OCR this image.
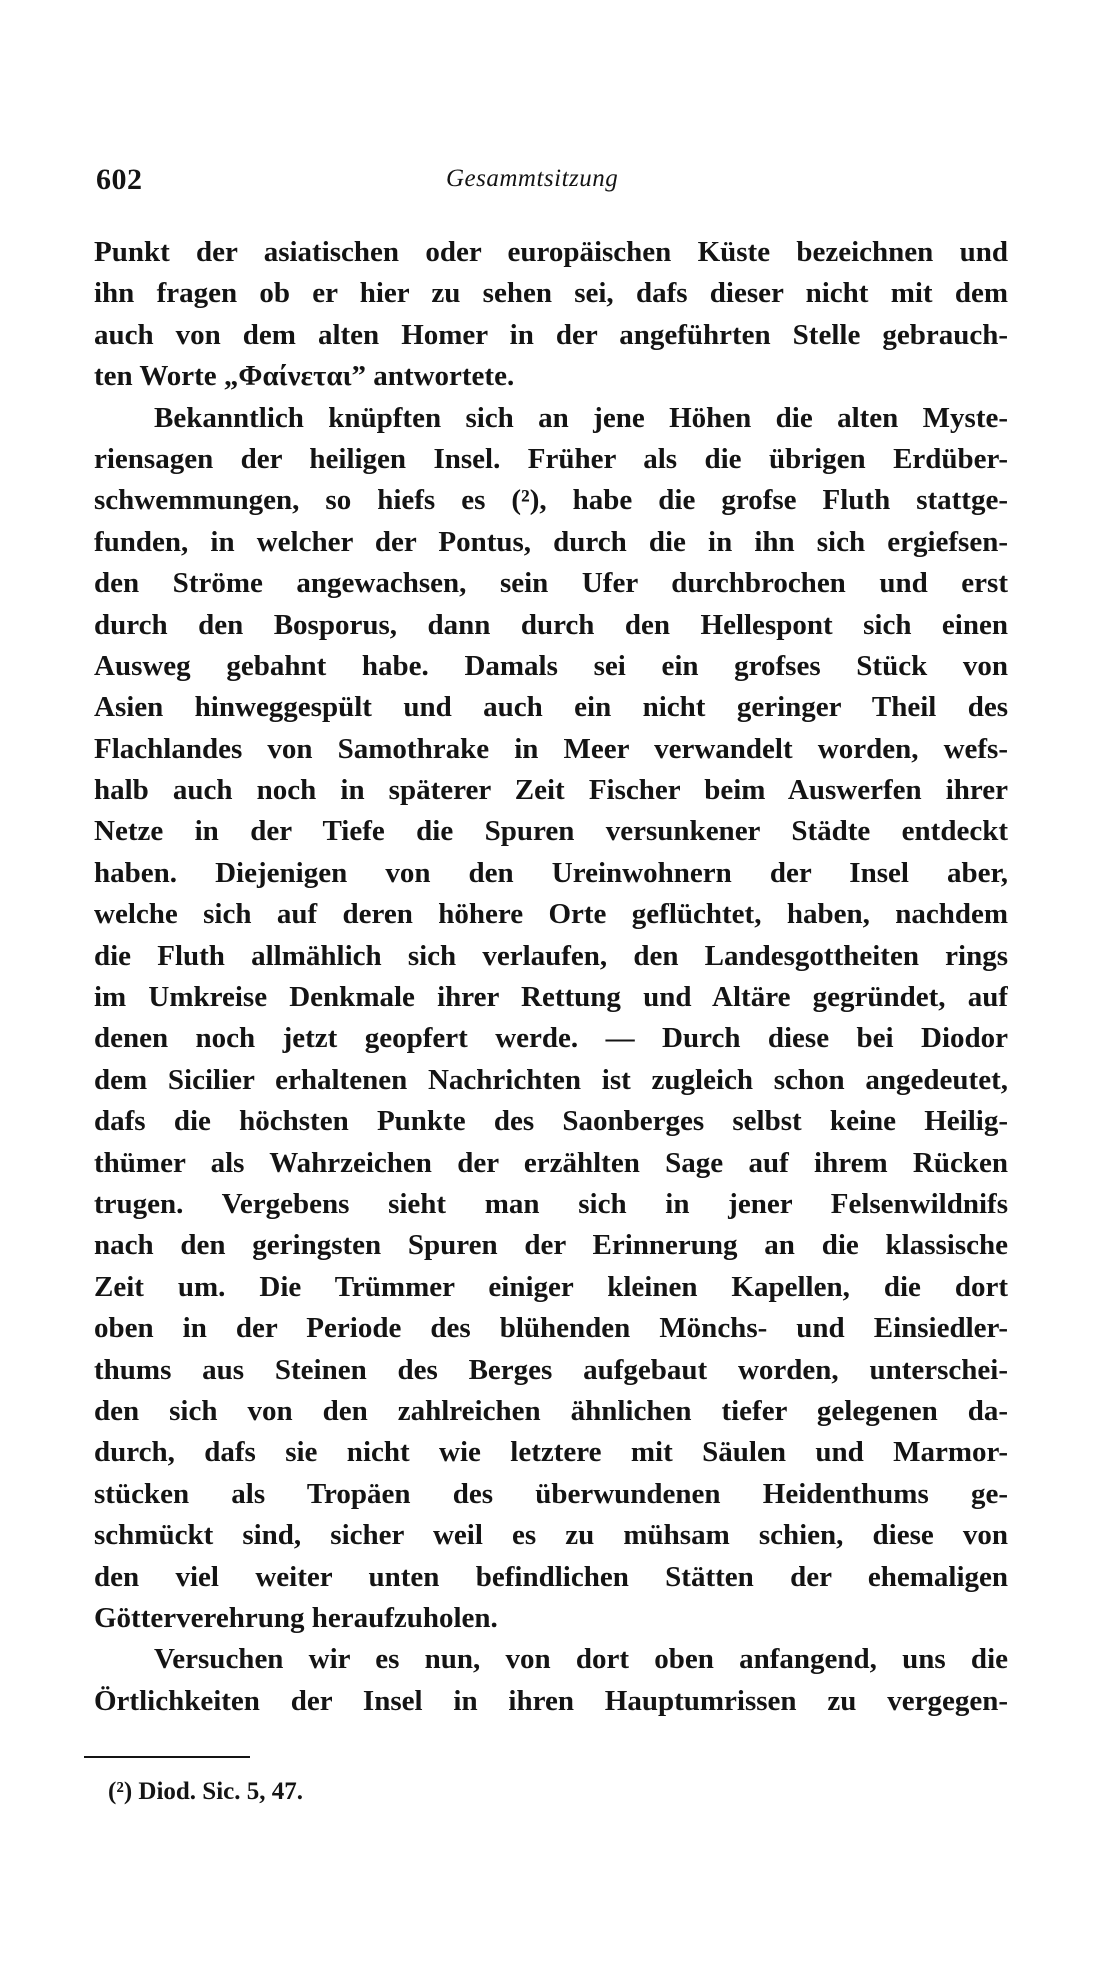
602	Gesammtsitzung
Punkt der asiatischen oder europäischen Küste bezeichnen und
ihn fragen ob er hier zu sehen sei, dafs dieser nicht mit dem
auch von dem alten Homer in der angeführten Stelle gebrauch-
ten Worte „Φαίνεται” antwortete.
Bekanntlich knüpften sich an jene Höhen die alten Myste-
riensagen der heiligen Insel. Früher als die übrigen Erdüber-
schwemmungen, so hiefs es (²), habe die grofse Fluth stattge-
funden, in welcher der Pontus, durch die in ihn sich ergiefsen-
den Ströme angewachsen, sein Ufer durchbrochen und erst
durch den Bosporus, dann durch den Hellespont sich einen
Ausweg gebahnt habe. Damals sei ein grofses Stück von
Asien hinweggespült und auch ein nicht geringer Theil des
Flachlandes von Samothrake in Meer verwandelt worden, wefs-
halb auch noch in späterer Zeit Fischer beim Auswerfen ihrer
Netze in der Tiefe die Spuren versunkener Städte entdeckt
haben. Diejenigen von den Ureinwohnern der Insel aber,
welche sich auf deren höhere Orte geflüchtet, haben, nachdem
die Fluth allmählich sich verlaufen, den Landesgottheiten rings
im Umkreise Denkmale ihrer Rettung und Altäre gegründet, auf
denen noch jetzt geopfert werde. — Durch diese bei Diodor
dem Sicilier erhaltenen Nachrichten ist zugleich schon angedeutet,
dafs die höchsten Punkte des Saonberges selbst keine Heilig-
thümer als Wahrzeichen der erzählten Sage auf ihrem Rücken
trugen. Vergebens sieht man sich in jener Felsenwildnifs
nach den geringsten Spuren der Erinnerung an die klassische
Zeit um. Die Trümmer einiger kleinen Kapellen, die dort
oben in der Periode des blühenden Mönchs- und Einsiedler-
thums aus Steinen des Berges aufgebaut worden, unterschei-
den sich von den zahlreichen ähnlichen tiefer gelegenen da-
durch, dafs sie nicht wie letztere mit Säulen und Marmor-
stücken als Tropäen des überwundenen Heidenthums ge-
schmückt sind, sicher weil es zu mühsam schien, diese von
den viel weiter unten befindlichen Stätten der ehemaligen
Götterverehrung heraufzuholen.
Versuchen wir es nun, von dort oben anfangend, uns die
Örtlichkeiten der Insel in ihren Hauptumrissen zu vergegen-
(²) Diod. Sic. 5, 47.
